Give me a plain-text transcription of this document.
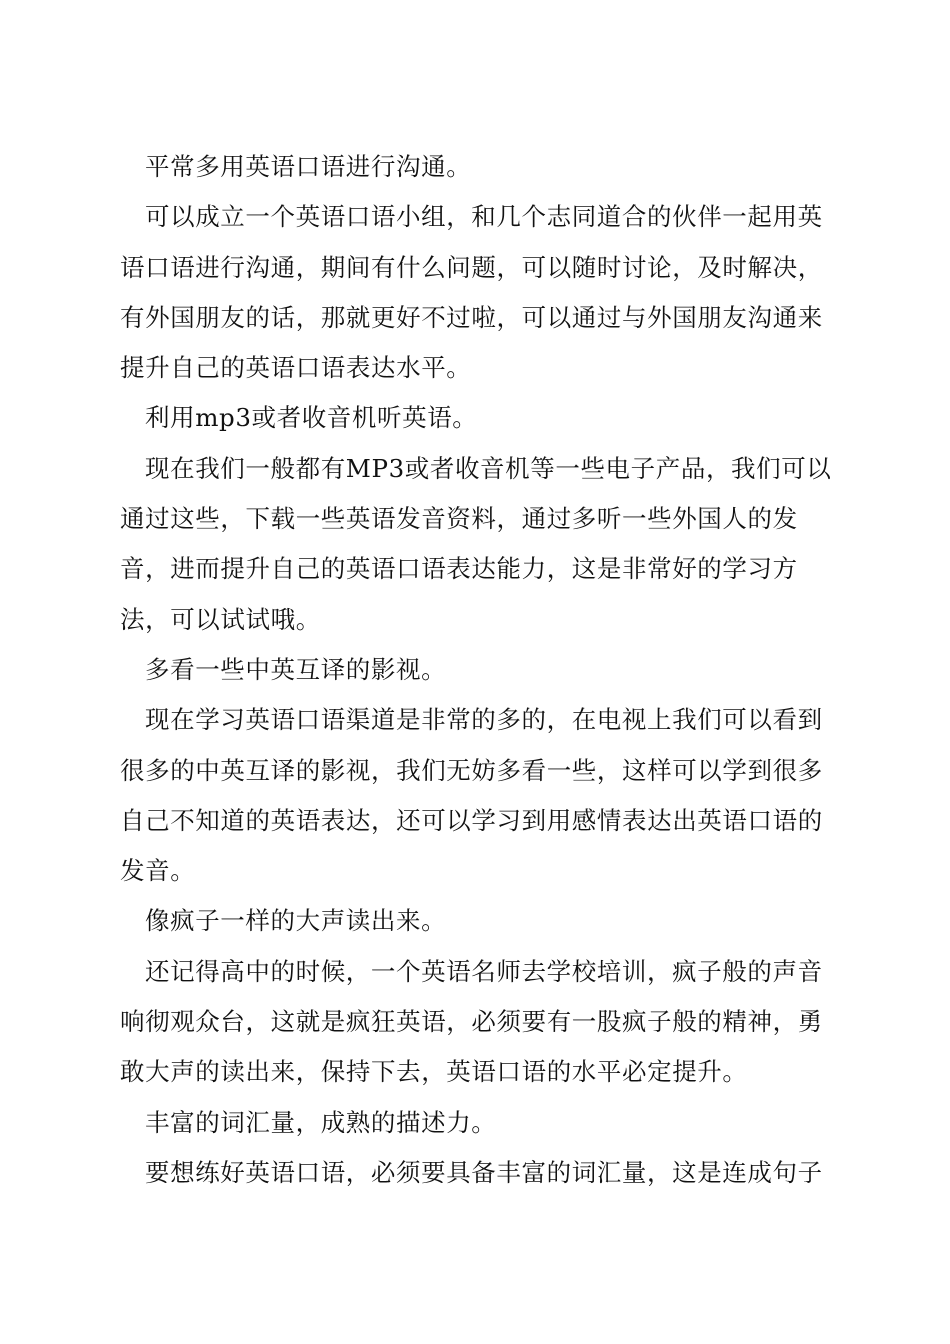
平常多用英语口语进行沟通。

可以成立一个英语口语小组，和几个志同道合的伙伴一起用英语口语进行沟通，期间有什么问题，可以随时讨论，及时解决，有外国朋友的话，那就更好不过啦，可以通过与外国朋友沟通来提升自己的英语口语表达水平。

利用mp3或者收音机听英语。

现在我们一般都有MP3或者收音机等一些电子产品，我们可以通过这些，下载一些英语发音资料，通过多听一些外国人的发音，进而提升自己的英语口语表达能力，这是非常好的学习方法，可以试试哦。

多看一些中英互译的影视。

现在学习英语口语渠道是非常的多的，在电视上我们可以看到很多的中英互译的影视，我们无妨多看一些，这样可以学到很多自己不知道的英语表达，还可以学习到用感情表达出英语口语的发音。

像疯子一样的大声读出来。

还记得高中的时候，一个英语名师去学校培训，疯子般的声音响彻观众台，这就是疯狂英语，必须要有一股疯子般的精神，勇敢大声的读出来，保持下去，英语口语的水平必定提升。

丰富的词汇量，成熟的描述力。

要想练好英语口语，必须要具备丰富的词汇量，这是连成句子
